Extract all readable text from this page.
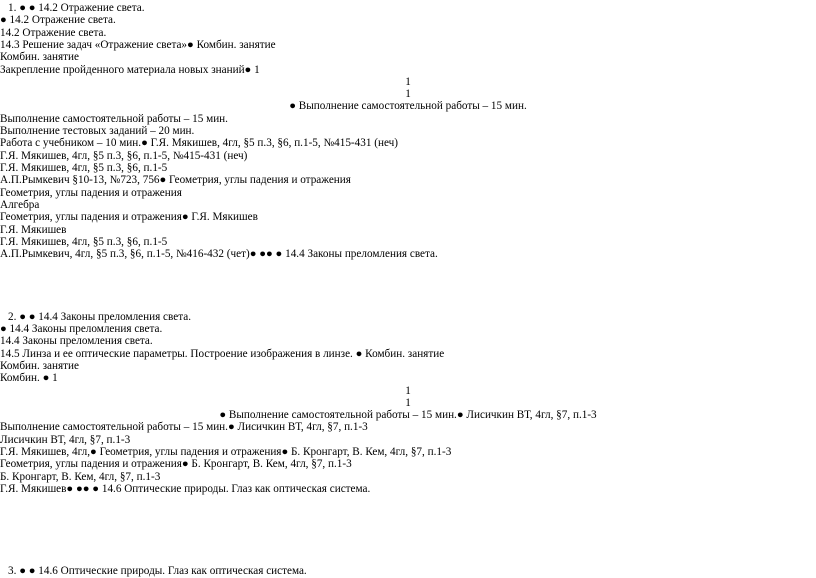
1. ● ● 14.2 Отражение света.
● 14.2 Отражение света.
14.2 Отражение света.
14.3 Решение задач «Отражение света»● Комбин. занятие
Комбин. занятие
Закрепление пройденного материала новых знаний● 1
1
1
● Выполнение самостоятельной работы – 15 мин.
Выполнение самостоятельной работы – 15 мин.
Выполнение тестовых заданий – 20 мин.
Работа с учебником – 10 мин.● Г.Я. Мякишев, 4гл, §5 п.3, §6, п.1-5, №415-431 (неч)
Г.Я. Мякишев, 4гл, §5 п.3, §6, п.1-5, №415-431 (неч)
Г.Я. Мякишев, 4гл, §5 п.3, §6, п.1-5
А.П.Рымкевич §10-13, №723, 756● Геометрия, углы падения и отражения
Геометрия, углы падения и отражения
Алгебра
Геометрия, углы падения и отражения● Г.Я. Мякишев
Г.Я. Мякишев
Г.Я. Мякишев, 4гл, §5 п.3, §6, п.1-5
А.П.Рымкевич, 4гл, §5 п.3, §6, п.1-5, №416-432 (чет)● ●● ● 14.4 Законы преломления света.
2. ● ● 14.4 Законы преломления света.
● 14.4 Законы преломления света.
14.4 Законы преломления света.
14.5 Линза и ее оптические параметры. Построение изображения в линзе. ● Комбин. занятие
Комбин. занятие
Комбин. ● 1
1
1
● Выполнение самостоятельной работы – 15 мин.● Лисичкин ВТ, 4гл, §7, п.1-3
Выполнение самостоятельной работы – 15 мин.● Лисичкин ВТ, 4гл, §7, п.1-3
Лисичкин ВТ, 4гл, §7, п.1-3
Г.Я. Мякишев, 4гл,● Геометрия, углы падения и отражения● Б. Кронгарт, В. Кем, 4гл, §7, п.1-3
Геометрия, углы падения и отражения● Б. Кронгарт, В. Кем, 4гл, §7, п.1-3
Б. Кронгарт, В. Кем, 4гл, §7, п.1-3
Г.Я. Мякишев● ●● ● 14.6 Оптические природы. Глаз как оптическая система.
3. ● ● 14.6 Оптические природы. Глаз как оптическая система.
